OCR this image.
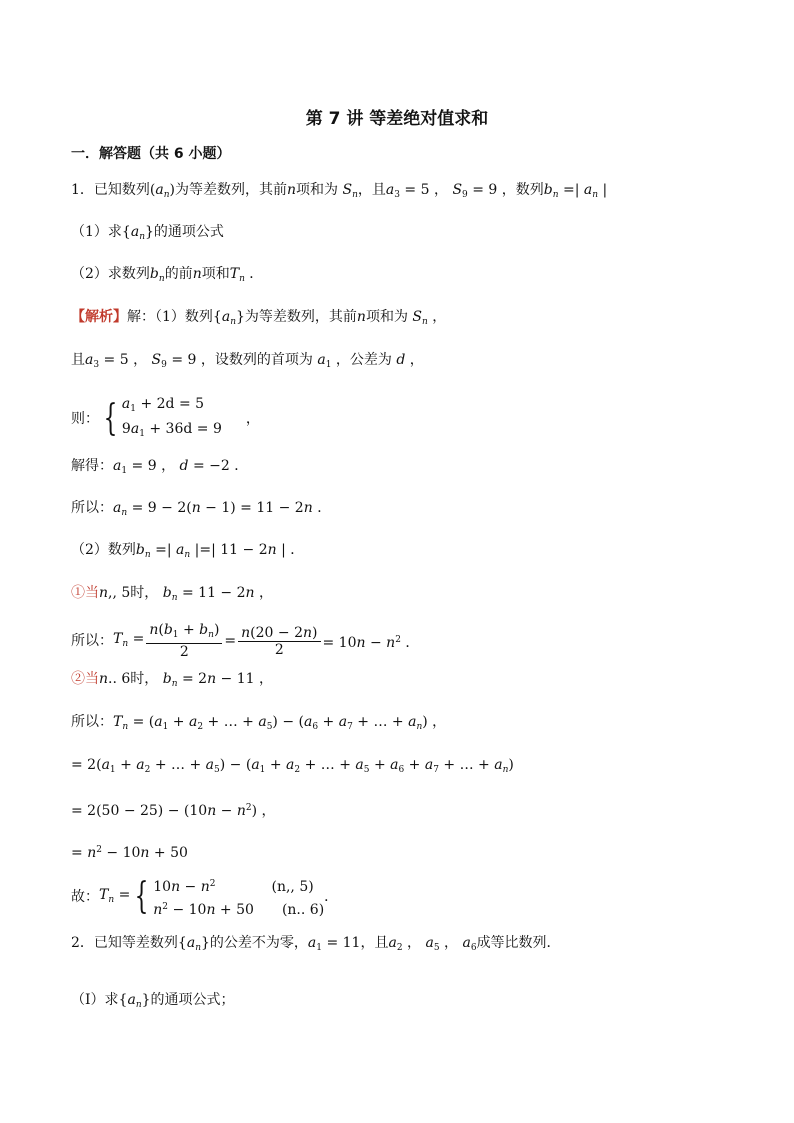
第 7 讲 等差绝对值求和
一．解答题（共 6 小题）
1．已知数列$(a_n)$为等差数列，其前n项和为 $S_n$，且$a_3 = 5$ ， $S_9 = 9$ ，数列$b_n$ =| $a_n$ |
（1）求$\{a_n\}$的通项公式
（2）求数列$b_n$的前n项和$T_n$ ．
【解析】解：（1）数列$\{a_n\}$为等差数列，其前n项和为 $S_n$ ，
且$a_3 = 5$ ， $S_9 = 9$ ，设数列的首项为 $a_1$ ，公差为 d ，
则： { $a_1 + 2d = 5$
$9a_1 + 36d = 9$
，
解得：$a_1 = 9$ ， d = −2 ．
所以：$a_n = 9 - 2(n - 1) = 11 - 2n$ ．
（2）数列$b_n$ =| $a_n$ |=| 11 − 2n | ．
①当n,, 5时， $b_n = 11 - 2n$ ，
所以：$T_n = \frac{n(b_1 + b_n)}{2} = \frac{n(20 - 2n)}{2} = 10n - n^2$ ．
②当n.. 6时， $b_n = 2n - 11$ ，
所以：$T_n = (a_1 + a_2$ + … + $a_5) - (a_6 + a_7$ + … + $a_n$) ，
= $2(a_1 + a_2$ + … + $a_5) - (a_1 + a_2$ + … + $a_5 + a_6 + a_7$ + … + $a_n$)
= $2(50 - 25) - (10n - n^2)$ ，
= $n^2 - 10n + 50$
故：$T_n$ = { $10n - n^2$	(n,, 5)
$n^2 - 10n + 50$ (n.. 6)
．
2．已知等差数列$\{a_n\}$的公差不为零，$a_1 = 11$，且$a_2$ ， $a_5$ ， $a_6$成等比数列．
（Ⅰ）求$\{a_n\}$的通项公式；
